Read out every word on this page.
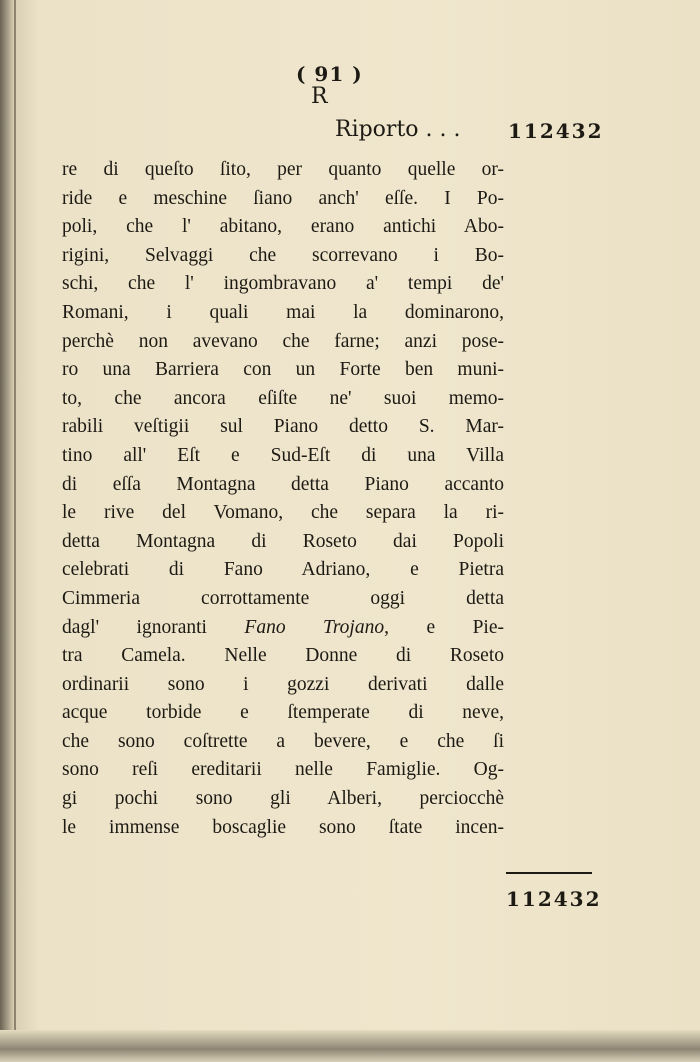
( 91 )
R
Riporto . . . 112432
re di queſto ſito, per quanto quelle or-
ride e meschine ſiano anch' eſſe. I Po-
poli, che l' abitano, erano antichi Abo-
rigini, Selvaggi che scorrevano i Bo-
schi, che l' ingombravano a' tempi de'
Romani, i quali mai la dominarono,
perchè non avevano che farne; anzi pose-
ro una Barriera con un Forte ben muni-
to, che ancora eſiſte ne' suoi memo-
rabili veſtigii sul Piano detto S. Mar-
tino all' Eſt e Sud-Eſt di una Villa
di eſſa Montagna detta Piano accanto
le rive del Vomano, che separa la ri-
detta Montagna di Roseto dai Popoli
celebrati di Fano Adriano, e Pietra
Cimmeria corrottamente oggi detta
dagl' ignoranti Fano Trojano, e Pie-
tra Camela. Nelle Donne di Roseto
ordinarii sono i gozzi derivati dalle
acque torbide e ſtemperate di neve,
che sono coſtrette a bevere, e che ſi
sono reſi ereditarii nelle Famiglie. Og-
gi pochi sono gli Alberi, perciocchè
le immense boscaglie sono ſtate incen-
112432
